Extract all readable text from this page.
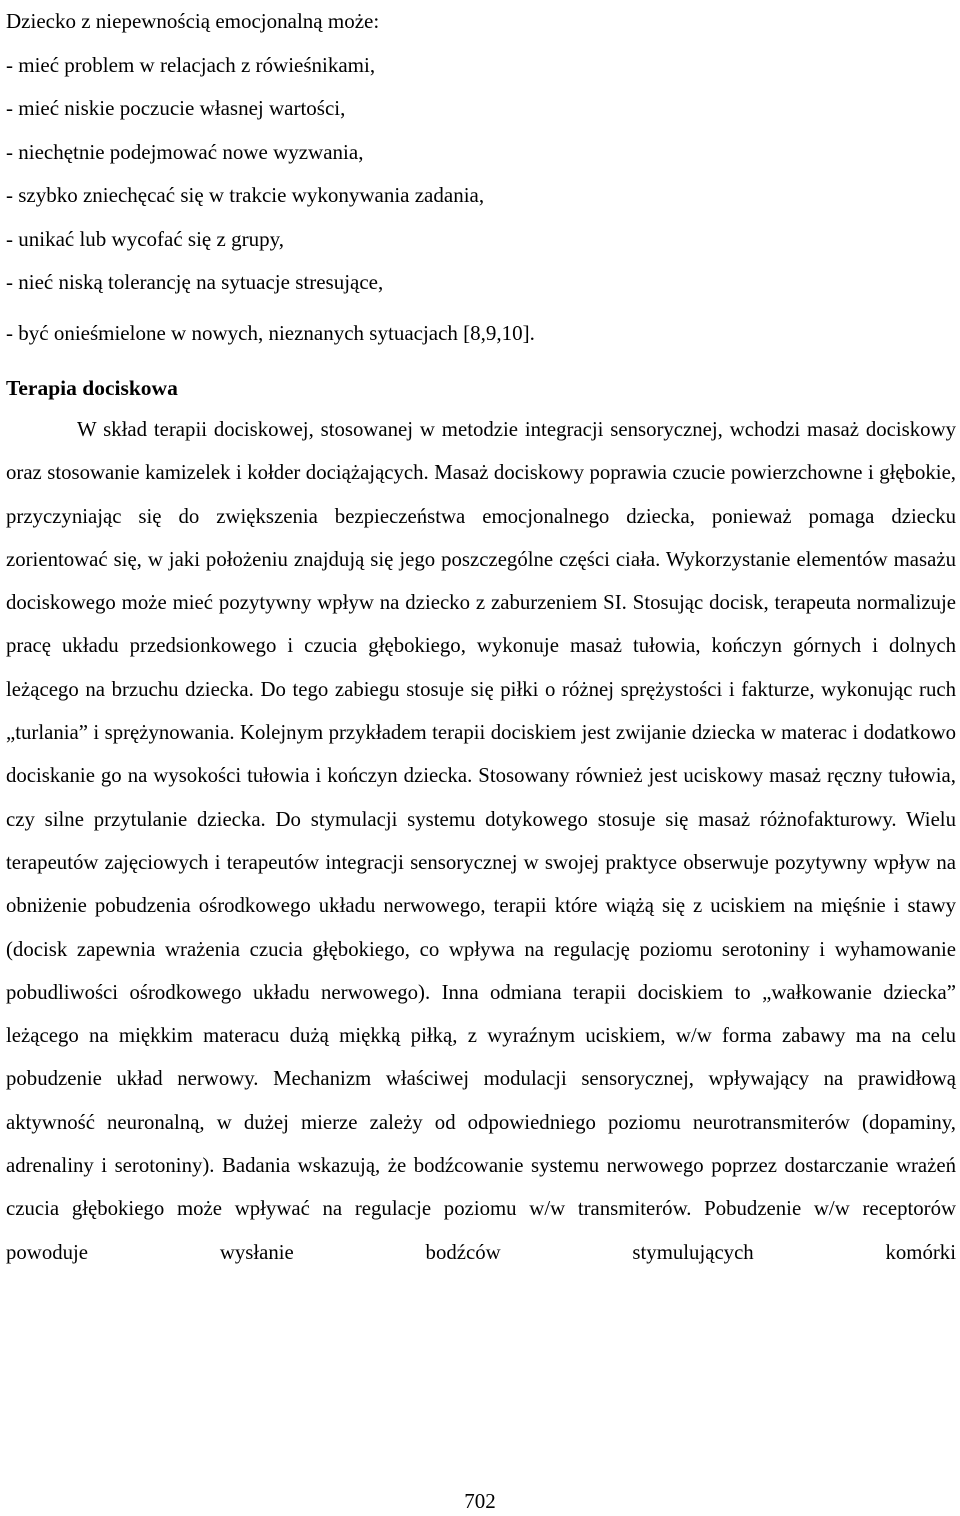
Dziecko z niepewnością emocjonalną może:

- mieć problem w relacjach z rówieśnikami,

- mieć niskie poczucie własnej wartości,

- niechętnie podejmować nowe wyzwania,

- szybko zniechęcać się w trakcie wykonywania zadania,

- unikać lub wycofać się z grupy,

- nieć niską tolerancję na sytuacje stresujące,

- być onieśmielone w nowych, nieznanych sytuacjach [8,9,10].

Terapia dociskowa

W skład terapii dociskowej, stosowanej w metodzie integracji sensorycznej, wchodzi masaż dociskowy oraz stosowanie kamizelek i kołder dociążających. Masaż dociskowy poprawia czucie powierzchowne i głębokie, przyczyniając się do zwiększenia bezpieczeństwa emocjonalnego dziecka, ponieważ pomaga dziecku zorientować się, w jaki położeniu znajdują się jego poszczególne części ciała. Wykorzystanie elementów masażu dociskowego może mieć pozytywny wpływ na dziecko z zaburzeniem SI. Stosując docisk, terapeuta normalizuje pracę układu przedsionkowego i czucia głębokiego, wykonuje masaż tułowia, kończyn górnych i dolnych leżącego na brzuchu dziecka. Do tego zabiegu stosuje się piłki o różnej sprężystości i fakturze, wykonując ruch „turlania” i sprężynowania. Kolejnym przykładem terapii dociskiem jest zwijanie dziecka w materac i dodatkowo dociskanie go na wysokości tułowia i kończyn dziecka. Stosowany również jest uciskowy masaż ręczny tułowia, czy silne przytulanie dziecka. Do stymulacji systemu dotykowego stosuje się masaż różnofakturowy. Wielu terapeutów zajęciowych i terapeutów integracji sensorycznej w swojej praktyce obserwuje pozytywny wpływ na obniżenie pobudzenia ośrodkowego układu nerwowego, terapii które wiążą się z uciskiem na mięśnie i stawy (docisk zapewnia wrażenia czucia głębokiego, co wpływa na regulację poziomu serotoniny i wyhamowanie pobudliwości ośrodkowego układu nerwowego). Inna odmiana terapii dociskiem to „wałkowanie dziecka” leżącego na miękkim materacu dużą miękką piłką, z wyraźnym uciskiem, w/w forma zabawy ma na celu pobudzenie układ nerwowy. Mechanizm właściwej modulacji sensorycznej, wpływający na prawidłową aktywność neuronalną, w dużej mierze zależy od odpowiedniego poziomu neurotransmiterów (dopaminy, adrenaliny i serotoniny). Badania wskazują, że bodźcowanie systemu nerwowego poprzez dostarczanie wrażeń czucia głębokiego może wpływać na regulacje poziomu w/w transmiterów. Pobudzenie w/w receptorów powoduje wysłanie bodźców stymulujących komórki

702
